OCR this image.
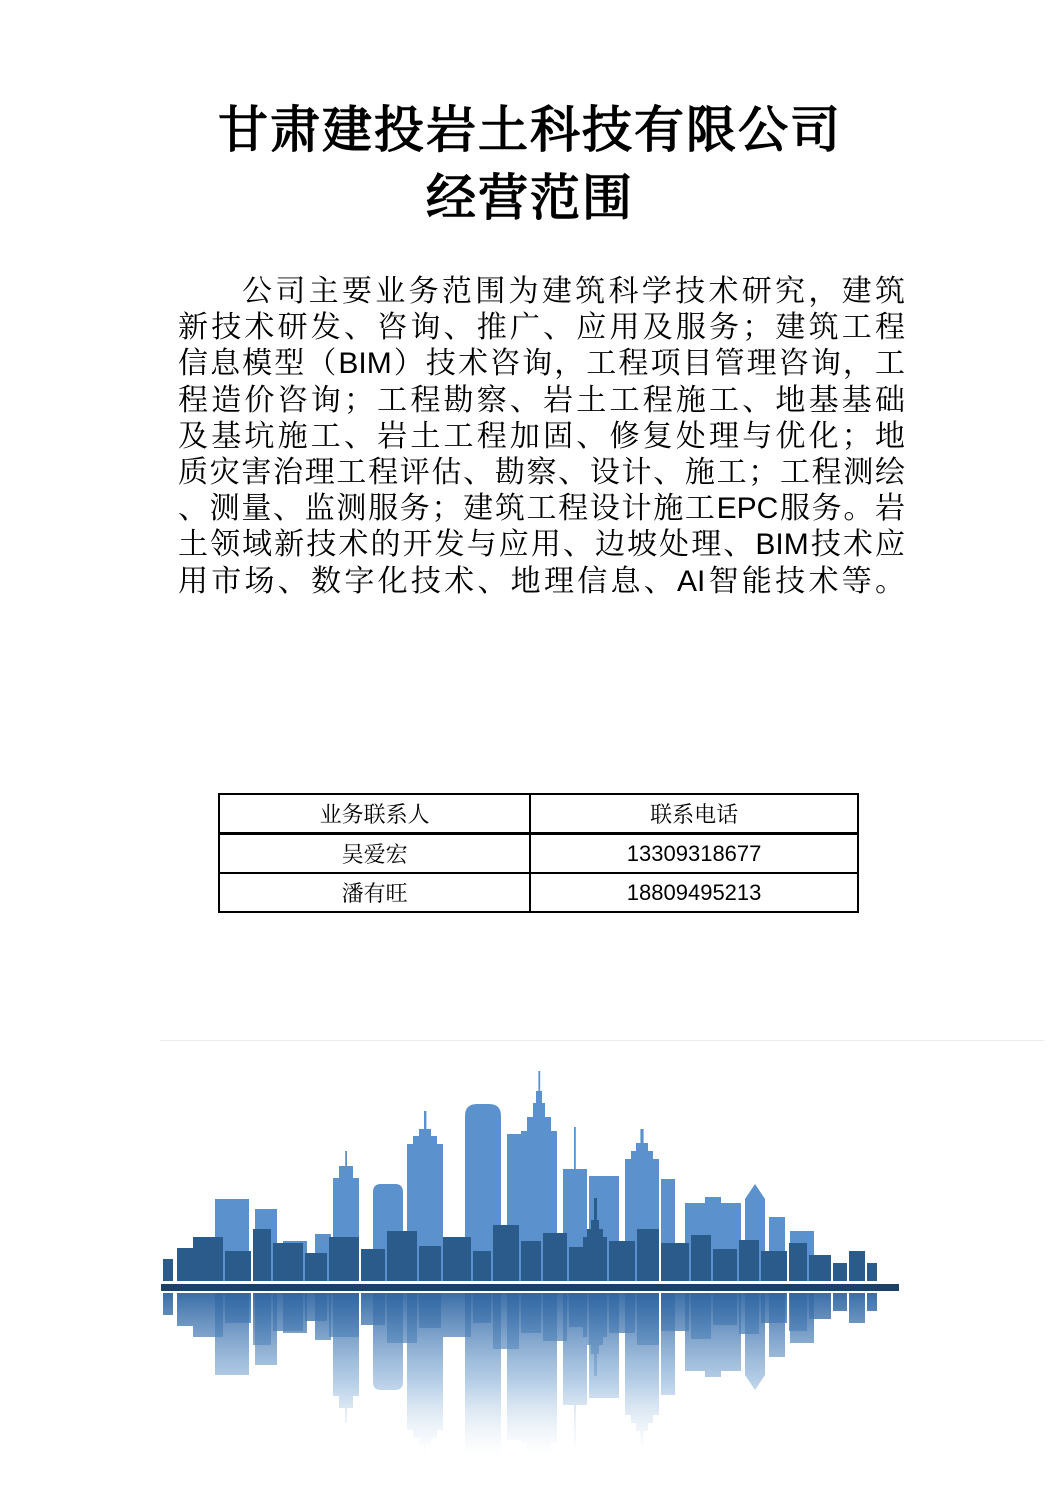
甘肃建投岩土科技有限公司
经营范围
公司主要业务范围为建筑科学技术研究，建筑
新技术研发、咨询、推广、应用及服务；建筑工程
信息模型（BIM）技术咨询，工程项目管理咨询，工
程造价咨询；工程勘察、岩土工程施工、地基基础
及基坑施工、岩土工程加固、修复处理与优化；地
质灾害治理工程评估、勘察、设计、施工；工程测绘
、测量、监测服务；建筑工程设计施工EPC服务。岩
土领域新技术的开发与应用、边坡处理、BIM技术应
用市场、数字化技术、地理信息、AI智能技术等。
业务联系人	联系电话
吴爱宏	13309318677
潘有旺	18809495213
